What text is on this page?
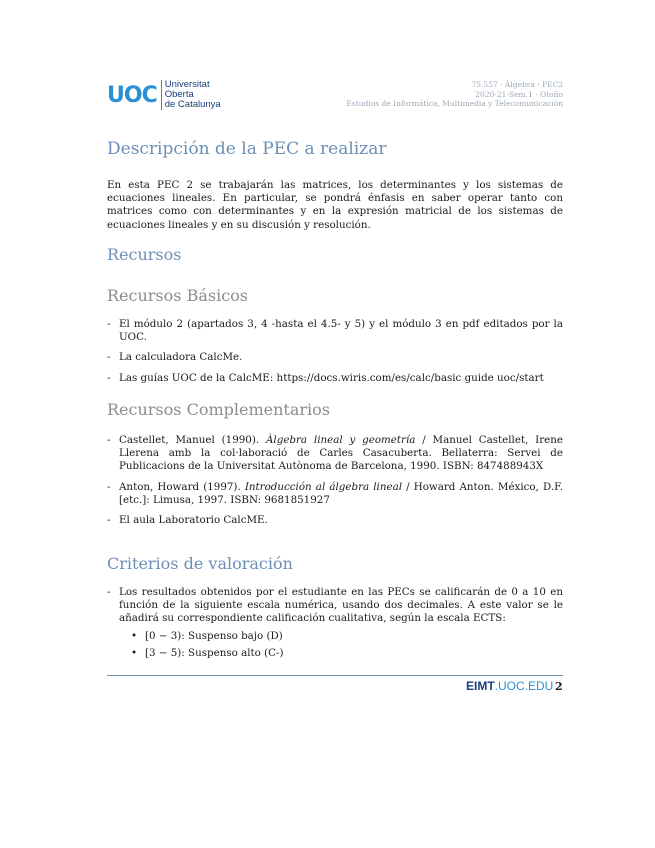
UOC Universitat Oberta
de Catalunya
75.557 · Álgebra · PEC2
2020-21-Sem.1 · Otoño
Estudios de Informática, Multimedia y Telecomunicación
Descripción de la PEC a realizar

En esta PEC 2 se trabajarán las matrices, los determinantes y los sistemas de ecuaciones lineales. En particular, se pondrá énfasis en saber operar tanto con matrices como con determinantes y en la expresión matricial de los sistemas de ecuaciones lineales y en su discusión y resolución.

Recursos
Recursos Básicos
- El módulo 2 (apartados 3, 4 -hasta el 4.5- y 5) y el módulo 3 en pdf editados por la UOC.
- La calculadora CalcMe.
- Las guías UOC de la CalcME: https://docs.wiris.com/es/calc/basic guide uoc/start
Recursos Complementarios
- Castellet, Manuel (1990). Àlgebra lineal y geometría / Manuel Castellet, Irene Llerena amb la col·laboració de Carles Casacuberta. Bellaterra: Servei de Publicacions de la Universitat Autònoma de Barcelona, 1990. ISBN: 847488943X
- Anton, Howard (1997). Introducción al álgebra lineal / Howard Anton. México, D.F. [etc.]: Limusa, 1997. ISBN: 9681851927
- El aula Laboratorio CalcME.
Criterios de valoración
- Los resultados obtenidos por el estudiante en las PECs se calificarán de 0 a 10 en función de la siguiente escala numérica, usando dos decimales. A este valor se le añadirá su correspondiente calificación cualitativa, según la escala ECTS:
• [0 − 3): Suspenso bajo (D)
• [3 − 5): Suspenso alto (C-)
EIMT.UOC.EDU 2
